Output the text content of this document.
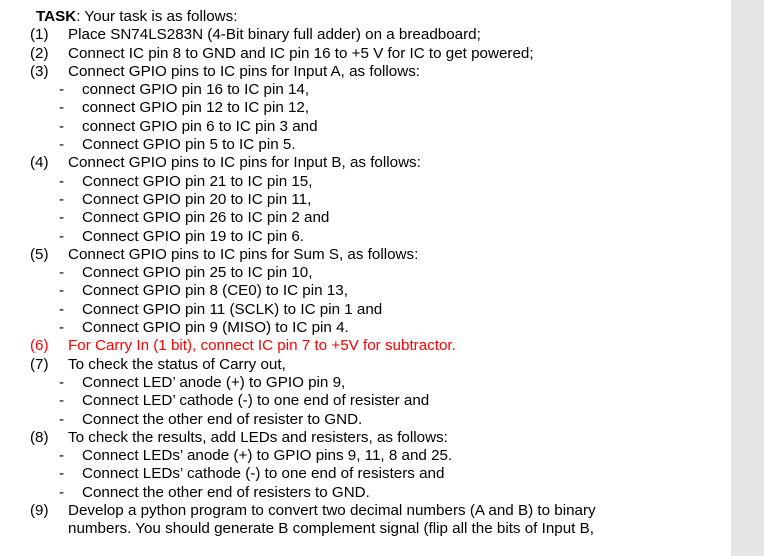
TASK: Your task is as follows:
(1) Place SN74LS283N (4-Bit binary full adder) on a breadboard;
(2) Connect IC pin 8 to GND and IC pin 16 to +5 V for IC to get powered;
(3) Connect GPIO pins to IC pins for Input A, as follows:
- connect GPIO pin 16 to IC pin 14,
- connect GPIO pin 12 to IC pin 12,
- connect GPIO pin 6 to IC pin 3 and
- Connect GPIO pin 5 to IC pin 5.
(4) Connect GPIO pins to IC pins for Input B, as follows:
- Connect GPIO pin 21 to IC pin 15,
- Connect GPIO pin 20 to IC pin 11,
- Connect GPIO pin 26 to IC pin 2 and
- Connect GPIO pin 19 to IC pin 6.
(5) Connect GPIO pins to IC pins for Sum S, as follows:
- Connect GPIO pin 25 to IC pin 10,
- Connect GPIO pin 8 (CE0) to IC pin 13,
- Connect GPIO pin 11 (SCLK) to IC pin 1 and
- Connect GPIO pin 9 (MISO) to IC pin 4.
(6) For Carry In (1 bit), connect IC pin 7 to +5V for subtractor.
(7) To check the status of Carry out,
- Connect LED’ anode (+) to GPIO pin 9,
- Connect LED’ cathode (-) to one end of resister and
- Connect the other end of resister to GND.
(8) To check the results, add LEDs and resisters, as follows:
- Connect LEDs’ anode (+) to GPIO pins 9, 11, 8 and 25.
- Connect LEDs’ cathode (-) to one end of resisters and
- Connect the other end of resisters to GND.
(9) Develop a python program to convert two decimal numbers (A and B) to binary
numbers. You should generate B complement signal (flip all the bits of Input B,
